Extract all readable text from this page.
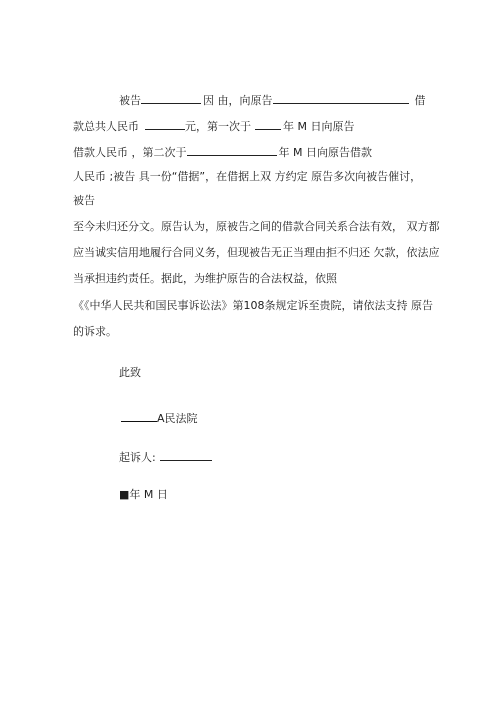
被告	因 由，向原告	借
款总共人民币	元，第一次于	年 M 日向原告
借款人民币 ，第二次于	年 M 日向原告借款
人民币 ;被告 具一份“借据”，在借据上双 方约定 原告多次向被告催讨，
被告
至今未归还分文。原告认为，原被告之间的借款合同关系合法有效， 双方都
应当诚实信用地履行合同义务，但现被告无正当理由拒不归还 欠款，依法应
当承担违约责任。据此，为维护原告的合法权益，依照
《《中华人民共和国民事诉讼法》第108条规定诉至贵院，请依法支持 原告
的诉求。
此致
A民法院
起诉人:
■年 M 日
